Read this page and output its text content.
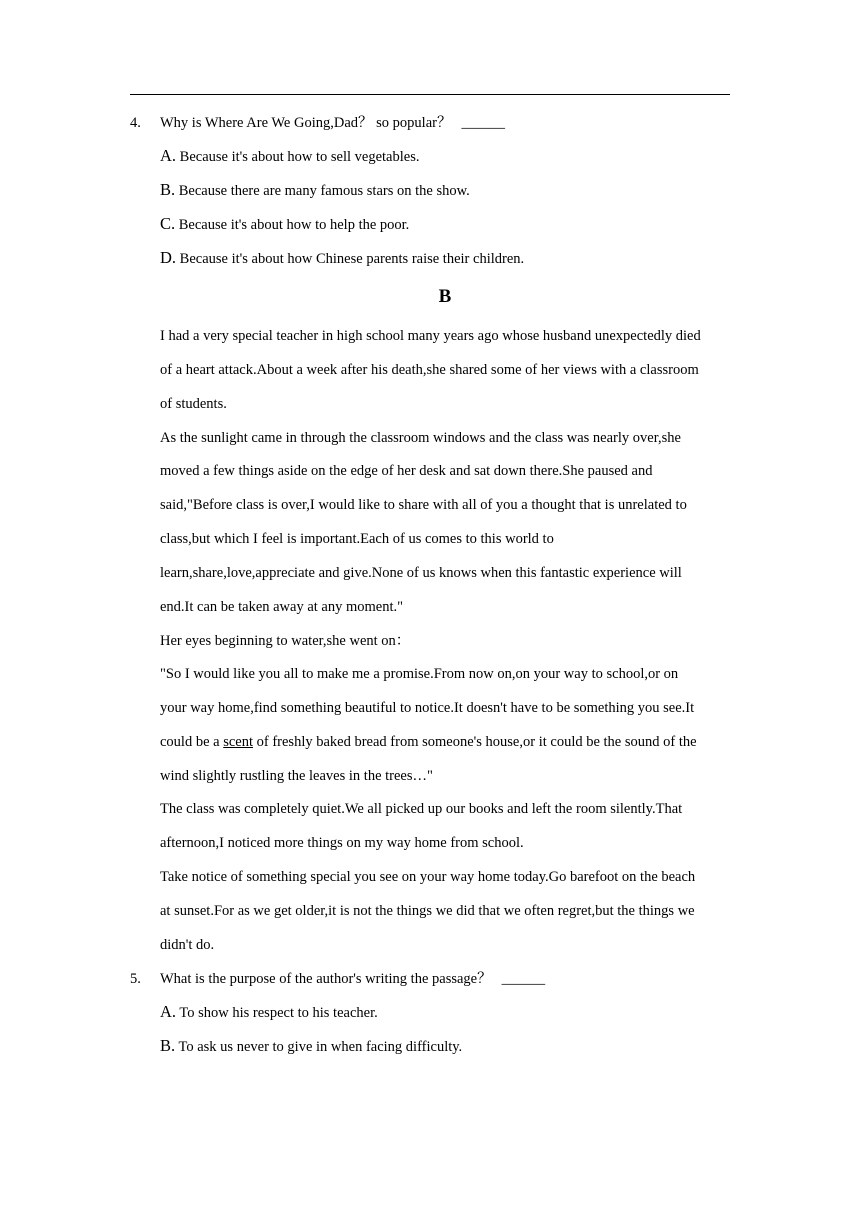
4. Why is Where Are We Going,Dad？ so popular？ ______
A. Because it's about how to sell vegetables.
B. Because there are many famous stars on the show.
C. Because it's about how to help the poor.
D. Because it's about how Chinese parents raise their children.
B
I had a very special teacher in high school many years ago whose husband unexpectedly died
of a heart attack.About a week after his death,she shared some of her views with a classroom
of students.
As the sunlight came in through the classroom windows and the class was nearly over,she
moved a few things aside on the edge of her desk and sat down there.She paused and
said,"Before class is over,I would like to share with all of you a thought that is unrelated to
class,but which I feel is important.Each of us comes to this world to
learn,share,love,appreciate and give.None of us knows when this fantastic experience will
end.It can be taken away at any moment."
Her eyes beginning to water,she went on：
"So I would like you all to make me a promise.From now on,on your way to school,or on
your way home,find something beautiful to notice.It doesn't have to be something you see.It
could be a scent of freshly baked bread from someone's house,or it could be the sound of the
wind slightly rustling the leaves in the trees…"
The class was completely quiet.We all picked up our books and left the room silently.That
afternoon,I noticed more things on my way home from school.
Take notice of something special you see on your way home today.Go barefoot on the beach
at sunset.For as we get older,it is not the things we did that we often regret,but the things we
didn't do.
5. What is the purpose of the author's writing the passage？ ______
A. To show his respect to his teacher.
B. To ask us never to give in when facing difficulty.
